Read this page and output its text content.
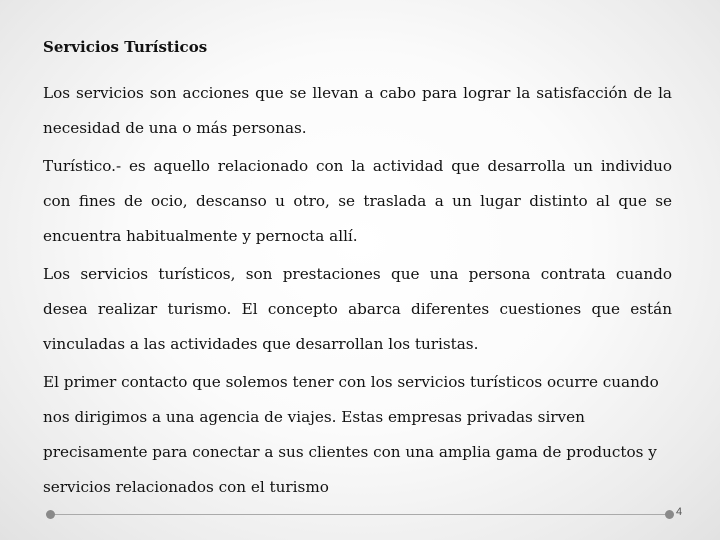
Servicios Turísticos

Los servicios son acciones que se llevan a cabo para lograr la satisfacción de la necesidad de una o más personas.

Turístico.- es aquello relacionado con la actividad que desarrolla un individuo con fines de ocio, descanso u otro, se traslada a un lugar distinto al que se encuentra habitualmente y pernocta allí.

Los servicios turísticos, son prestaciones que una persona contrata cuando desea realizar turismo. El concepto abarca diferentes cuestiones que están vinculadas a las actividades que desarrollan los turistas.

El primer contacto que solemos tener con los servicios turísticos ocurre cuando nos dirigimos a una agencia de viajes. Estas empresas privadas sirven precisamente para conectar a sus clientes con una amplia gama de productos y servicios relacionados con el turismo

4
